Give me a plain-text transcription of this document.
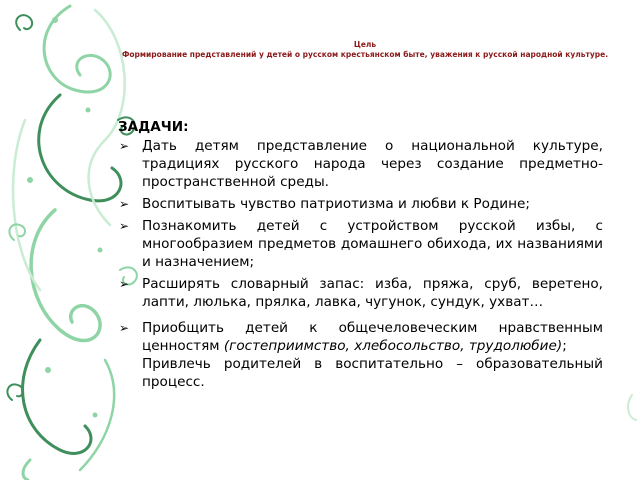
Цель
Формирование представлений у детей о русском крестьянском быте, уважения к русской народной культуре.
ЗАДАЧИ:
➢ Дать детям представление о национальной культуре, традициях русского народа через создание предметно-пространственной среды.
➢ Воспитывать чувство патриотизма и любви к Родине;
➢ Познакомить детей с устройством русской избы, с многообразием предметов домашнего обихода, их названиями и назначением;
➢ Расширять словарный запас: изба, пряжа, сруб, веретено, лапти, люлька, прялка, лавка, чугунок, сундук, ухват…
➢ Приобщить детей к общечеловеческим нравственным ценностям (гостеприимство, хлебосольство, трудолюбие);
Привлечь родителей в воспитательно – образовательный процесс.
